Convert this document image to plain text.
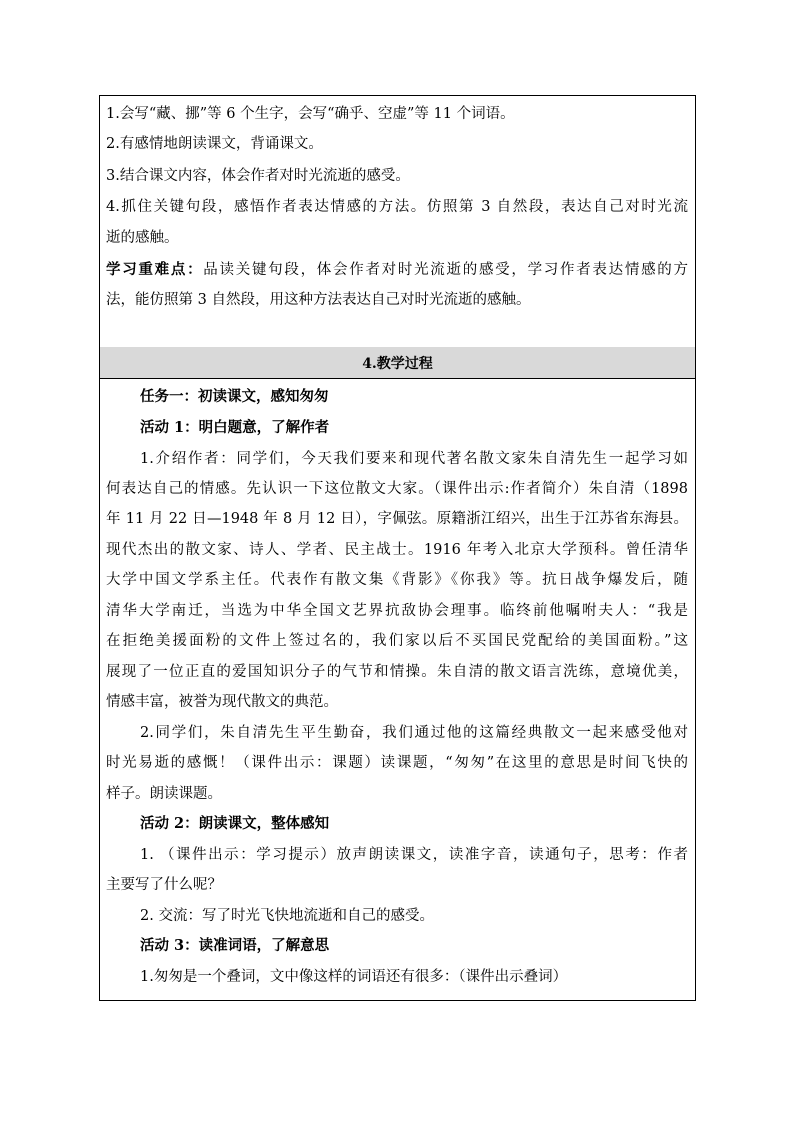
1.会写“藏、挪”等 6 个生字，会写“确乎、空虚”等 11 个词语。
2.有感情地朗读课文，背诵课文。
3.结合课文内容，体会作者对时光流逝的感受。
4.抓住关键句段，感悟作者表达情感的方法。仿照第 3 自然段，表达自己对时光流
逝的感触。
学习重难点：品读关键句段，体会作者对时光流逝的感受，学习作者表达情感的方
法，能仿照第 3 自然段，用这种方法表达自己对时光流逝的感触。
4.教学过程
任务一：初读课文，感知匆匆
活动 1：明白题意，了解作者
1.介绍作者：同学们，今天我们要来和现代著名散文家朱自清先生一起学习如
何表达自己的情感。先认识一下这位散文大家。（课件出示:作者简介）朱自清（1898
年 11 月 22 日—1948 年 8 月 12 日），字佩弦。原籍浙江绍兴，出生于江苏省东海县。
现代杰出的散文家、诗人、学者、民主战士。1916 年考入北京大学预科。曾任清华
大学中国文学系主任。代表作有散文集《背影》《你我》等。抗日战争爆发后，随
清华大学南迁，当选为中华全国文艺界抗敌协会理事。临终前他嘱咐夫人：“我是
在拒绝美援面粉的文件上签过名的，我们家以后不买国民党配给的美国面粉。”这
展现了一位正直的爱国知识分子的气节和情操。朱自清的散文语言洗练，意境优美，
情感丰富，被誉为现代散文的典范。
2.同学们，朱自清先生平生勤奋，我们通过他的这篇经典散文一起来感受他对
时光易逝的感慨！（课件出示：课题）读课题，“匆匆”在这里的意思是时间飞快的
样子。朗读课题。
活动 2：朗读课文，整体感知
1. （课件出示：学习提示）放声朗读课文，读准字音，读通句子，思考：作者
主要写了什么呢？
2. 交流：写了时光飞快地流逝和自己的感受。
活动 3：读准词语，了解意思
1.匆匆是一个叠词，文中像这样的词语还有很多：（课件出示叠词）
